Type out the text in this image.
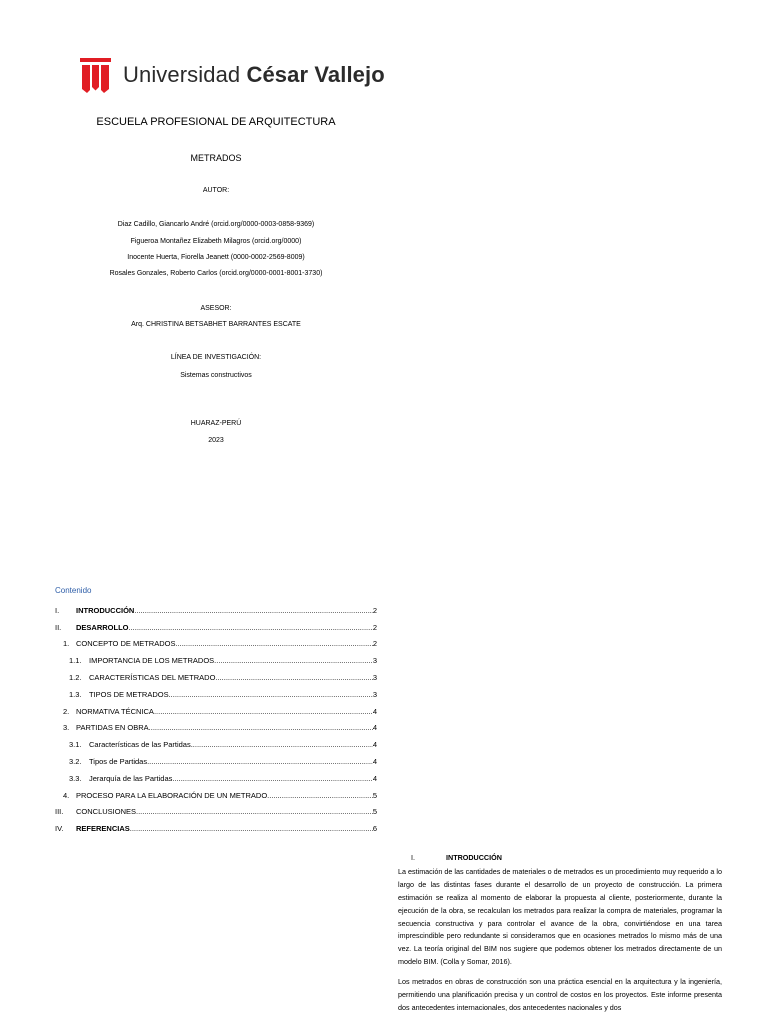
Universidad César Vallejo
ESCUELA PROFESIONAL DE ARQUITECTURA
METRADOS
AUTOR:
Diaz Cadillo, Giancarlo André (orcid.org/0000-0003-0858-9369)
Figueroa Montañez Elizabeth Milagros (orcid.org/0000)
Inocente Huerta, Fiorella Jeanett (0000-0002-2569-8009)
Rosales Gonzales, Roberto Carlos (orcid.org/0000-0001-8001-3730)
ASESOR:
Arq. CHRISTINA BETSABHET BARRANTES ESCATE
LÍNEA DE INVESTIGACIÓN:
Sistemas constructivos
HUARAZ-PERÚ
2023
Contenido
I.	INTRODUCCIÓN .....	2
II.	DESARROLLO .....	2
1. CONCEPTO DE METRADOS .....	2
1.1. IMPORTANCIA DE LOS METRADOS .....	3
1.2. CARACTERÍSTICAS DEL METRADO .....	3
1.3. TIPOS DE METRADOS .....	3
2. NORMATIVA TÉCNICA .....	4
3. PARTIDAS EN OBRA .....	4
3.1. Características de las Partidas .....	4
3.2. Tipos de Partidas .....	4
3.3. Jerarquía de las Partidas .....	4
4. PROCESO PARA LA ELABORACIÓN DE UN METRADO .....	5
III.	CONCLUSIONES .....	5
IV.	REFERENCIAS .....	6
I.	INTRODUCCIÓN

La estimación de las cantidades de materiales o de metrados es un procedimiento muy requerido a lo largo de las distintas fases durante el desarrollo de un proyecto de construcción. La primera estimación se realiza al momento de elaborar la propuesta al cliente, posteriormente, durante la ejecución de la obra, se recalculan los metrados para realizar la compra de materiales, programar la secuencia constructiva y para controlar el avance de la obra, convirtiéndose en una tarea imprescindible pero redundante si consideramos que en ocasiones metrados lo mismo más de una vez. La teoría original del BIM nos sugiere que podemos obtener los metrados directamente de un modelo BIM. (Colla y Somar, 2016).

Los metrados en obras de construcción son una práctica esencial en la arquitectura y la ingeniería, permitiendo una planificación precisa y un control de costos en los proyectos. Este informe presenta dos antecedentes internacionales, dos antecedentes nacionales y dos
